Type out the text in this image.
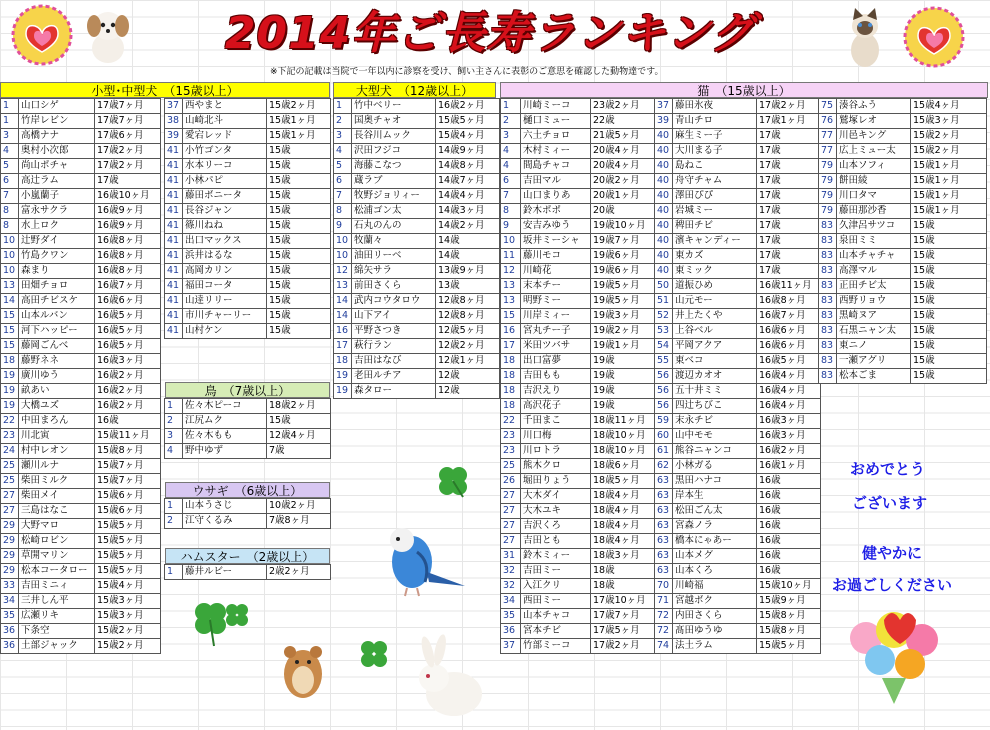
2014年ご長寿ランキング
※下記の記載は当院で一年以内に診察を受け、飼い主さんに表彰のご意思を確認した動物達です。
小型･中型犬　（15歳以上）	大型犬　（12歳以上）	猫　（15歳以上）
鳥　（7歳以上）
ウサギ　（6歳以上）
ハムスター　（2歳以上）
1	山口シゲ	17歳7ヶ月
1	竹岸レビン	17歳7ヶ月
3	高橋ナナ	17歳6ヶ月
4	奥村小次郎	17歳2ヶ月
5	尚山ポチャ	17歳2ヶ月
6	高辻ラム	17歳
7	小嵐蘭子	16歳10ヶ月
8	富永サクラ	16歳9ヶ月
8	水上ロク	16歳9ヶ月
10	辻野ダイ	16歳8ヶ月
10	竹島クワン	16歳8ヶ月
10	森まり	16歳8ヶ月
13	田畑チョロ	16歳7ヶ月
14	高田チビスケ	16歳6ヶ月
15	山本ルバン	16歳5ヶ月
15	河下ハッピー	16歳5ヶ月
15	藤岡ごんべ	16歳5ヶ月
18	藤野ネネ	16歳3ヶ月
19	廣川ゆう	16歳2ヶ月
19	畝あい	16歳2ヶ月
19	大橋ユズ	16歳2ヶ月
22	中田まろん	16歳
23	川北寅	15歳11ヶ月
24	村中レオン	15歳8ヶ月
25	瀬川ルナ	15歳7ヶ月
25	柴田ミルク	15歳7ヶ月
27	柴田メイ	15歳6ヶ月
27	三島はなこ	15歳6ヶ月
29	大野マロ	15歳5ヶ月
29	松崎ロビン	15歳5ヶ月
29	草開マリン	15歳5ヶ月
29	松本コータロー	15歳5ヶ月
33	吉田ミニィ	15歳4ヶ月
34	三井しん平	15歳3ヶ月
35	広瀬リキ	15歳3ヶ月
36	下条空	15歳2ヶ月
36	土部ジャック	15歳2ヶ月
37	西やまと	15歳2ヶ月
38	山崎北斗	15歳1ヶ月
39	愛宕レッド	15歳1ヶ月
41	小竹ゴンタ	15歳
41	水本リーコ	15歳
41	小林パピ	15歳
41	藤田ボニータ	15歳
41	長谷ジャン	15歳
41	篠川ねね	15歳
41	出口マックス	15歳
41	浜井はるな	15歳
41	高岡カリン	15歳
41	福田コータ	15歳
41	山逹リリー	15歳
41	市川チャーリー	15歳
41	山村ケン	15歳
1	竹中ベリー	16歳2ヶ月
2	国奥チャオ	15歳5ヶ月
3	長谷川ムック	15歳4ヶ月
4	沢田フジコ	14歳9ヶ月
5	海藤こなつ	14歳8ヶ月
6	蔵ラブ	14歳7ヶ月
7	牧野ジョリィー	14歳4ヶ月
8	松浦ゴン太	14歳3ヶ月
9	石丸のんの	14歳2ヶ月
10	牧蘭々	14歳
10	油田リーベ	14歳
12	綿矢サラ	13歳9ヶ月
13	前田さくら	13歳
14	武内コウタロウ	12歳8ヶ月
14	山下アイ	12歳8ヶ月
16	平野さつき	12歳5ヶ月
17	萩行ラン	12歳2ヶ月
18	吉田はなび	12歳1ヶ月
19	老田ルチア	12歳
19	森タロー	12歳
1	佐々木ピーコ	18歳2ヶ月
2	江尻ムク	15歳
3	佐々木もも	12歳4ヶ月
4	野中ゆず	7歳
1	山本うさじ	10歳2ヶ月
2	江守くるみ	7歳8ヶ月
1	藤井ルビー	2歳2ヶ月
1	川崎ミーコ	23歳2ヶ月
2	樋口ミュー	22歳
3	六土チョロ	21歳5ヶ月
4	木村ミィー	20歳4ヶ月
4	間島チャコ	20歳4ヶ月
6	吉田マル	20歳2ヶ月
7	山口まりあ	20歳1ヶ月
8	鈴木ポポ	20歳
9	安吉みゆう	19歳10ヶ月
10	坂井ミーシャ	19歳7ヶ月
11	藤川モコ	19歳6ヶ月
12	川崎花	19歳6ヶ月
13	末本チー	19歳5ヶ月
13	明野ミー	19歳5ヶ月
15	川岸ミィー	19歳3ヶ月
16	宮丸チー子	19歳2ヶ月
17	米田ツバサ	19歳1ヶ月
18	出口富夢	19歳
18	吉田もも	19歳
18	吉沢えり	19歳
18	高沢花子	19歳
22	千田まこ	18歳11ヶ月
23	川口梅	18歳10ヶ月
23	川ロトラ	18歳10ヶ月
25	熊木クロ	18歳6ヶ月
26	堀田りょう	18歳5ヶ月
27	大木ダイ	18歳4ヶ月
27	大木ユキ	18歳4ヶ月
27	吉沢くろ	18歳4ヶ月
27	吉田とも	18歳4ヶ月
31	鈴木ミィー	18歳3ヶ月
32	吉田ミー	18歳
32	入江クリ	18歳
34	西田ミー	17歳10ヶ月
35	山本チャコ	17歳7ヶ月
36	宮本チビ	17歳5ヶ月
37	竹部ミーコ	17歳2ヶ月
37	藤田氷夜	17歳2ヶ月
39	青山チロ	17歳1ヶ月
40	麻生ミー子	17歳
40	大川まる子	17歳
40	島ねこ	17歳
40	舟守チャム	17歳
40	澤田ぴぴ	17歳
40	岩城ミー	17歳
40	稗田チビ	17歳
40	濱キャンディー	17歳
40	東カズ	17歳
40	東ミック	17歳
50	道振ひめ	16歳11ヶ月
51	山元モー	16歳8ヶ月
52	井上たくや	16歳7ヶ月
53	上谷ベル	16歳6ヶ月
54	平岡アクア	16歳6ヶ月
55	東ベコ	16歳5ヶ月
56	渡辺カオオ	16歳4ヶ月
56	五十井ミミ	16歳4ヶ月
56	四辻ちびこ	16歳4ヶ月
59	末永チビ	16歳3ヶ月
60	山中モモ	16歳3ヶ月
61	熊谷ニャンコ	16歳2ヶ月
62	小林ガる	16歳1ヶ月
63	黒田ハナコ	16歳
63	岸本生	16歳
63	松田ごん太	16歳
63	宮森ノラ	16歳
63	橋本にゃあー	16歳
63	山本メグ	16歳
63	山本くろ	16歳
70	川崎福	15歳10ヶ月
71	宮越ボク	15歳9ヶ月
72	内田さくら	15歳8ヶ月
72	髙田ゆうゆ	15歳8ヶ月
74	法土ラム	15歳5ヶ月
75	湊谷ふう	15歳4ヶ月
76	鷲塚レオ	15歳3ヶ月
77	川邑キング	15歳2ヶ月
77	広上ミュー太	15歳2ヶ月
79	山本ソフィ	15歳1ヶ月
79	餅田綾	15歳1ヶ月
79	川口タマ	15歳1ヶ月
79	藤田那沙香	15歳1ヶ月
83	久津呂サツコ	15歳
83	泉田ミミ	15歳
83	山本チャチャ	15歳
83	高澤マル	15歳
83	正田チビ太	15歳
83	西野リョウ	15歳
83	黒崎ヌア	15歳
83	石黒ニャン太	15歳
83	東ニノ	15歳
83	一瀬アグリ	15歳
83	松本ごま	15歳
おめでとう
ございます
健やかに
お過ごしください
